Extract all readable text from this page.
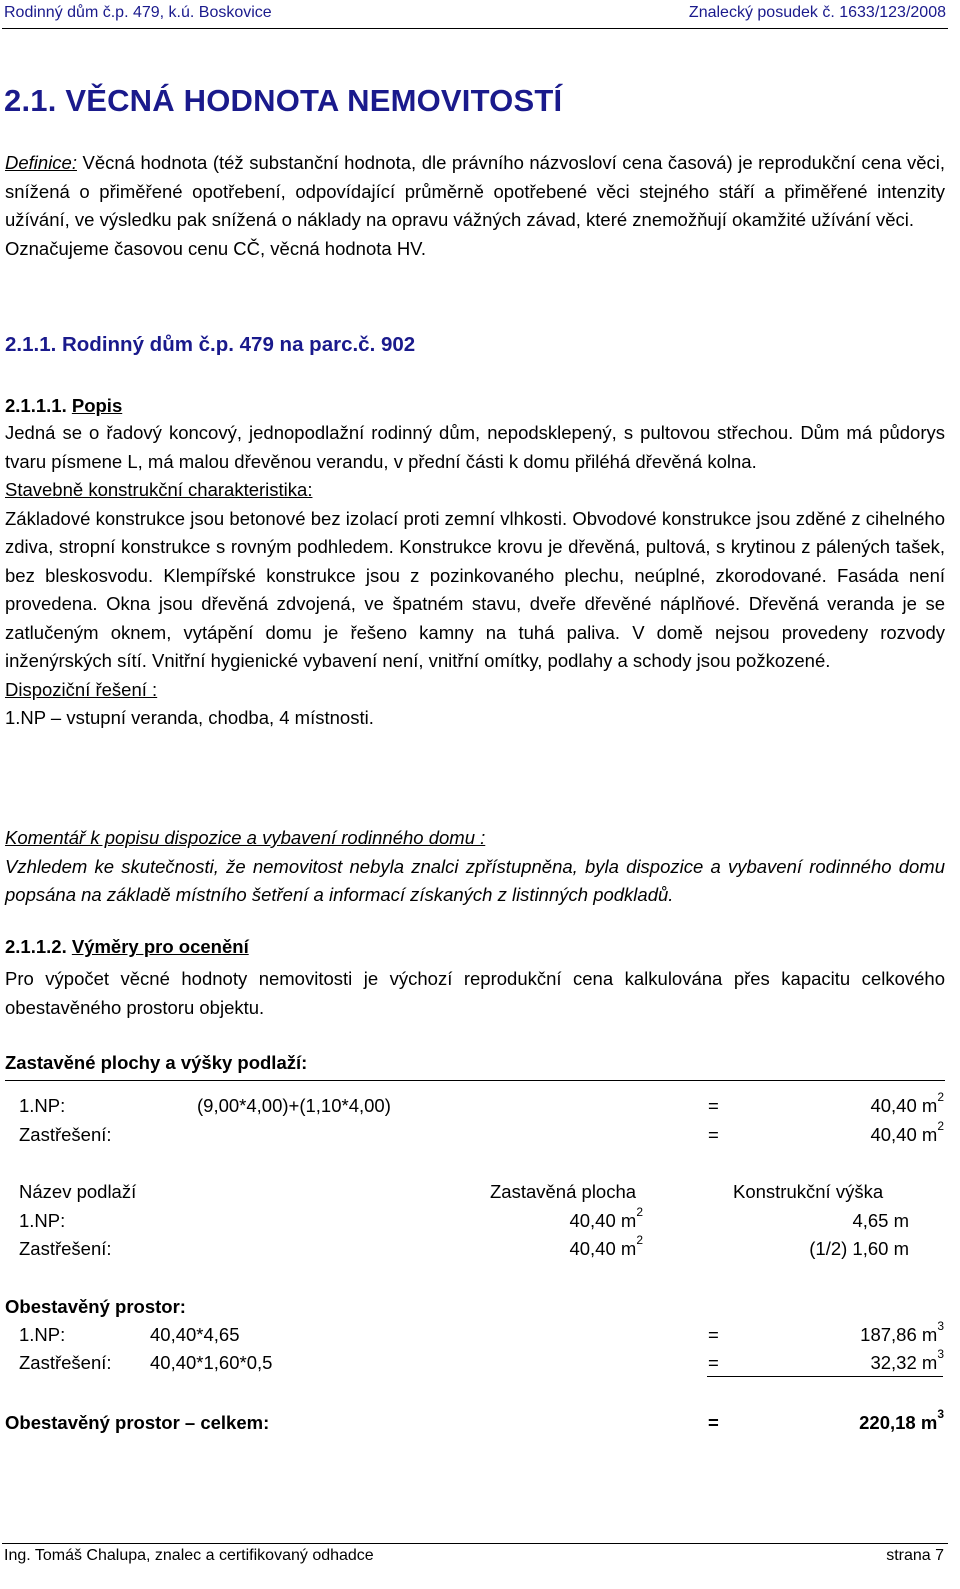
Rodinný dům č.p. 479, k.ú. Boskovice	Znalecký posudek č. 1633/123/2008
2.1. VĚCNÁ HODNOTA NEMOVITOSTÍ
Definice: Věcná hodnota (též substanční hodnota, dle právního názvosloví cena časová) je reprodukční cena věci, snížená o přiměřené opotřebení, odpovídající průměrně opotřebené věci stejného stáří a přiměřené intenzity užívání, ve výsledku pak snížená o náklady na opravu vážných závad, které znemožňují okamžité užívání věci.
Označujeme časovou cenu CČ, věcná hodnota HV.
2.1.1. Rodinný dům č.p. 479 na parc.č. 902
2.1.1.1. Popis
Jedná se o řadový koncový, jednopodlažní rodinný dům, nepodsklepený, s pultovou střechou. Dům má půdorys tvaru písmene L, má malou dřevěnou verandu, v přední části k domu přiléhá dřevěná kolna.
Stavebně konstrukční charakteristika:
Základové konstrukce jsou betonové bez izolací proti zemní vlhkosti. Obvodové konstrukce jsou zděné z cihelného zdiva, stropní konstrukce s rovným podhledem. Konstrukce krovu je dřevěná, pultová, s krytinou z pálených tašek, bez bleskosvodu. Klempířské konstrukce jsou z pozinkovaného plechu, neúplné, zkorodované. Fasáda není provedena. Okna jsou dřevěná zdvojená, ve špatném stavu, dveře dřevěné náplňové. Dřevěná veranda je se zatlučeným oknem, vytápění domu je řešeno kamny na tuhá paliva. V domě nejsou provedeny rozvody inženýrských sítí. Vnitřní hygienické vybavení není, vnitřní omítky, podlahy a schody jsou požkozené.
Dispoziční řešení :
1.NP – vstupní veranda, chodba, 4 místnosti.
Komentář k popisu dispozice a vybavení rodinného domu :
Vzhledem ke skutečnosti, že nemovitost nebyla znalci zpřístupněna, byla dispozice a vybavení rodinného domu popsána na základě místního šetření a informací získaných z listinných podkladů.
2.1.1.2. Výměry pro ocenění
Pro výpočet věcné hodnoty nemovitosti je výchozí reprodukční cena kalkulována přes kapacitu celkového obestavěného prostoru objektu.
Zastavěné plochy a výšky podlaží:
1.NP:	(9,00*4,00)+(1,10*4,00)	=	40,40 $m^2$
Zastřešení:	=	40,40 $m^2$
Název podlaží	Zastavěná plocha	Konstrukční výška
1.NP:	40,40 $m^2$	4,65 m
Zastřešení:	40,40 $m^2$	(1/2) 1,60 m
Obestavěný prostor:
1.NP:	40,40*4,65	=	187,86 $m^3$
Zastřešení: 40,40*1,60*0,5	=	32,32 $m^3$
Obestavěný prostor – celkem:	=	220,18 $m^3$
Ing. Tomáš Chalupa, znalec a certifikovaný odhadce	strana 7
